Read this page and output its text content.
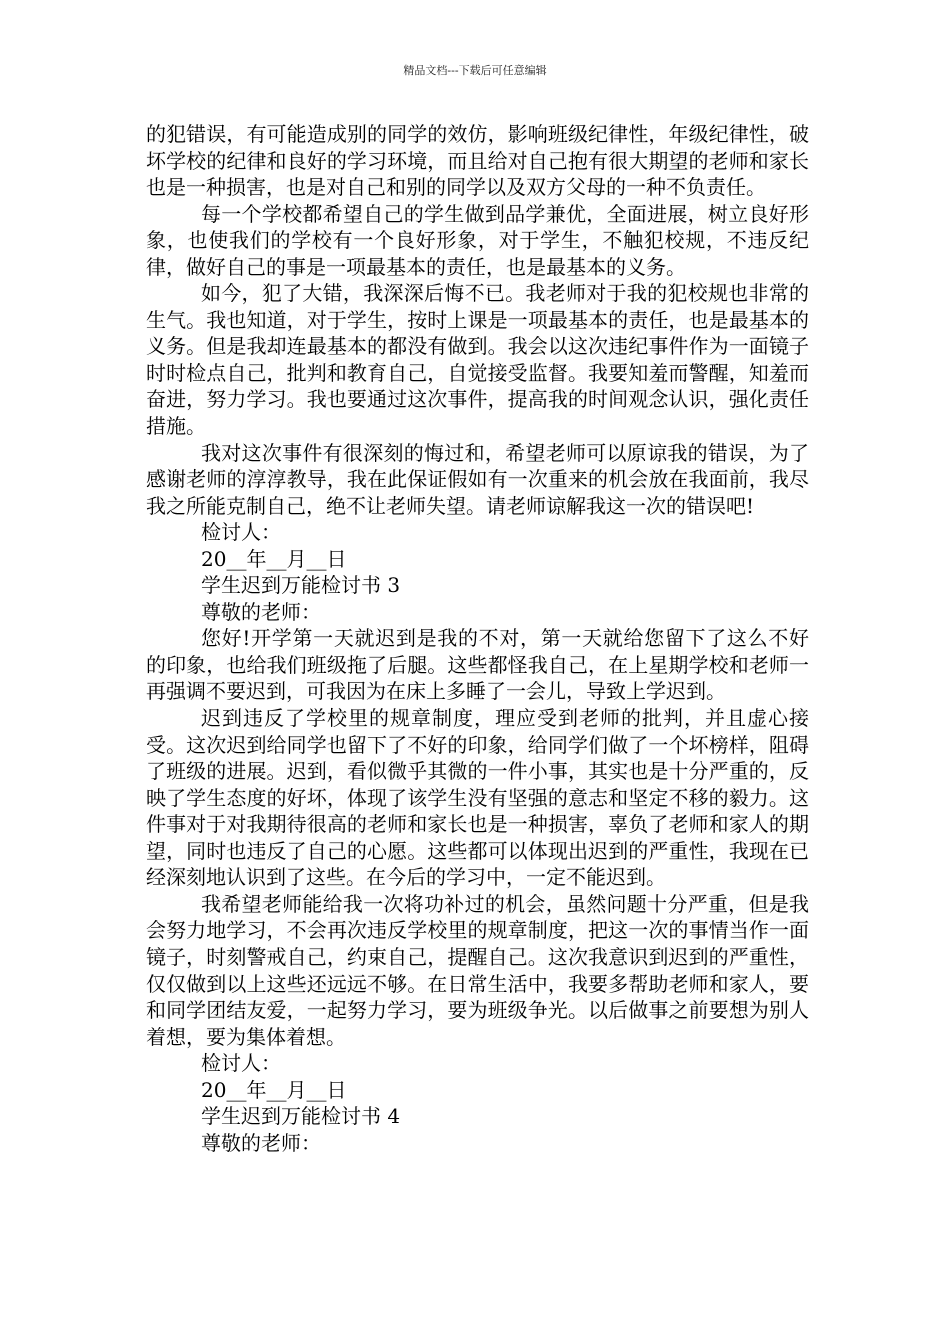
精品文档---下载后可任意编辑

的犯错误，有可能造成别的同学的效仿，影响班级纪律性，年级纪律性，破坏学校的纪律和良好的学习环境，而且给对自己抱有很大期望的老师和家长也是一种损害，也是对自己和别的同学以及双方父母的一种不负责任。

每一个学校都希望自己的学生做到品学兼优，全面进展，树立良好形象，也使我们的学校有一个良好形象，对于学生，不触犯校规，不违反纪律，做好自己的事是一项最基本的责任，也是最基本的义务。

如今，犯了大错，我深深后悔不已。我老师对于我的犯校规也非常的生气。我也知道，对于学生，按时上课是一项最基本的责任，也是最基本的义务。但是我却连最基本的都没有做到。我会以这次违纪事件作为一面镜子时时检点自己，批判和教育自己，自觉接受监督。我要知羞而警醒，知羞而奋进，努力学习。我也要通过这次事件，提高我的时间观念认识，强化责任措施。

我对这次事件有很深刻的悔过和，希望老师可以原谅我的错误，为了感谢老师的淳淳教导，我在此保证假如有一次重来的机会放在我面前，我尽我之所能克制自己，绝不让老师失望。请老师谅解我这一次的错误吧!

检讨人：

20__年__月__日

学生迟到万能检讨书 3

尊敬的老师：

您好!开学第一天就迟到是我的不对，第一天就给您留下了这么不好的印象，也给我们班级拖了后腿。这些都怪我自己，在上星期学校和老师一再强调不要迟到，可我因为在床上多睡了一会儿，导致上学迟到。

迟到违反了学校里的规章制度，理应受到老师的批判，并且虚心接受。这次迟到给同学也留下了不好的印象，给同学们做了一个坏榜样，阻碍了班级的进展。迟到，看似微乎其微的一件小事，其实也是十分严重的，反映了学生态度的好坏，体现了该学生没有坚强的意志和坚定不移的毅力。这件事对于对我期待很高的老师和家长也是一种损害，辜负了老师和家人的期望，同时也违反了自己的心愿。这些都可以体现出迟到的严重性，我现在已经深刻地认识到了这些。在今后的学习中，一定不能迟到。

我希望老师能给我一次将功补过的机会，虽然问题十分严重，但是我会努力地学习，不会再次违反学校里的规章制度，把这一次的事情当作一面镜子，时刻警戒自己，约束自己，提醒自己。这次我意识到迟到的严重性，仅仅做到以上这些还远远不够。在日常生活中，我要多帮助老师和家人，要和同学团结友爱，一起努力学习，要为班级争光。以后做事之前要想为别人着想，要为集体着想。

检讨人：

20__年__月__日

学生迟到万能检讨书 4

尊敬的老师：
